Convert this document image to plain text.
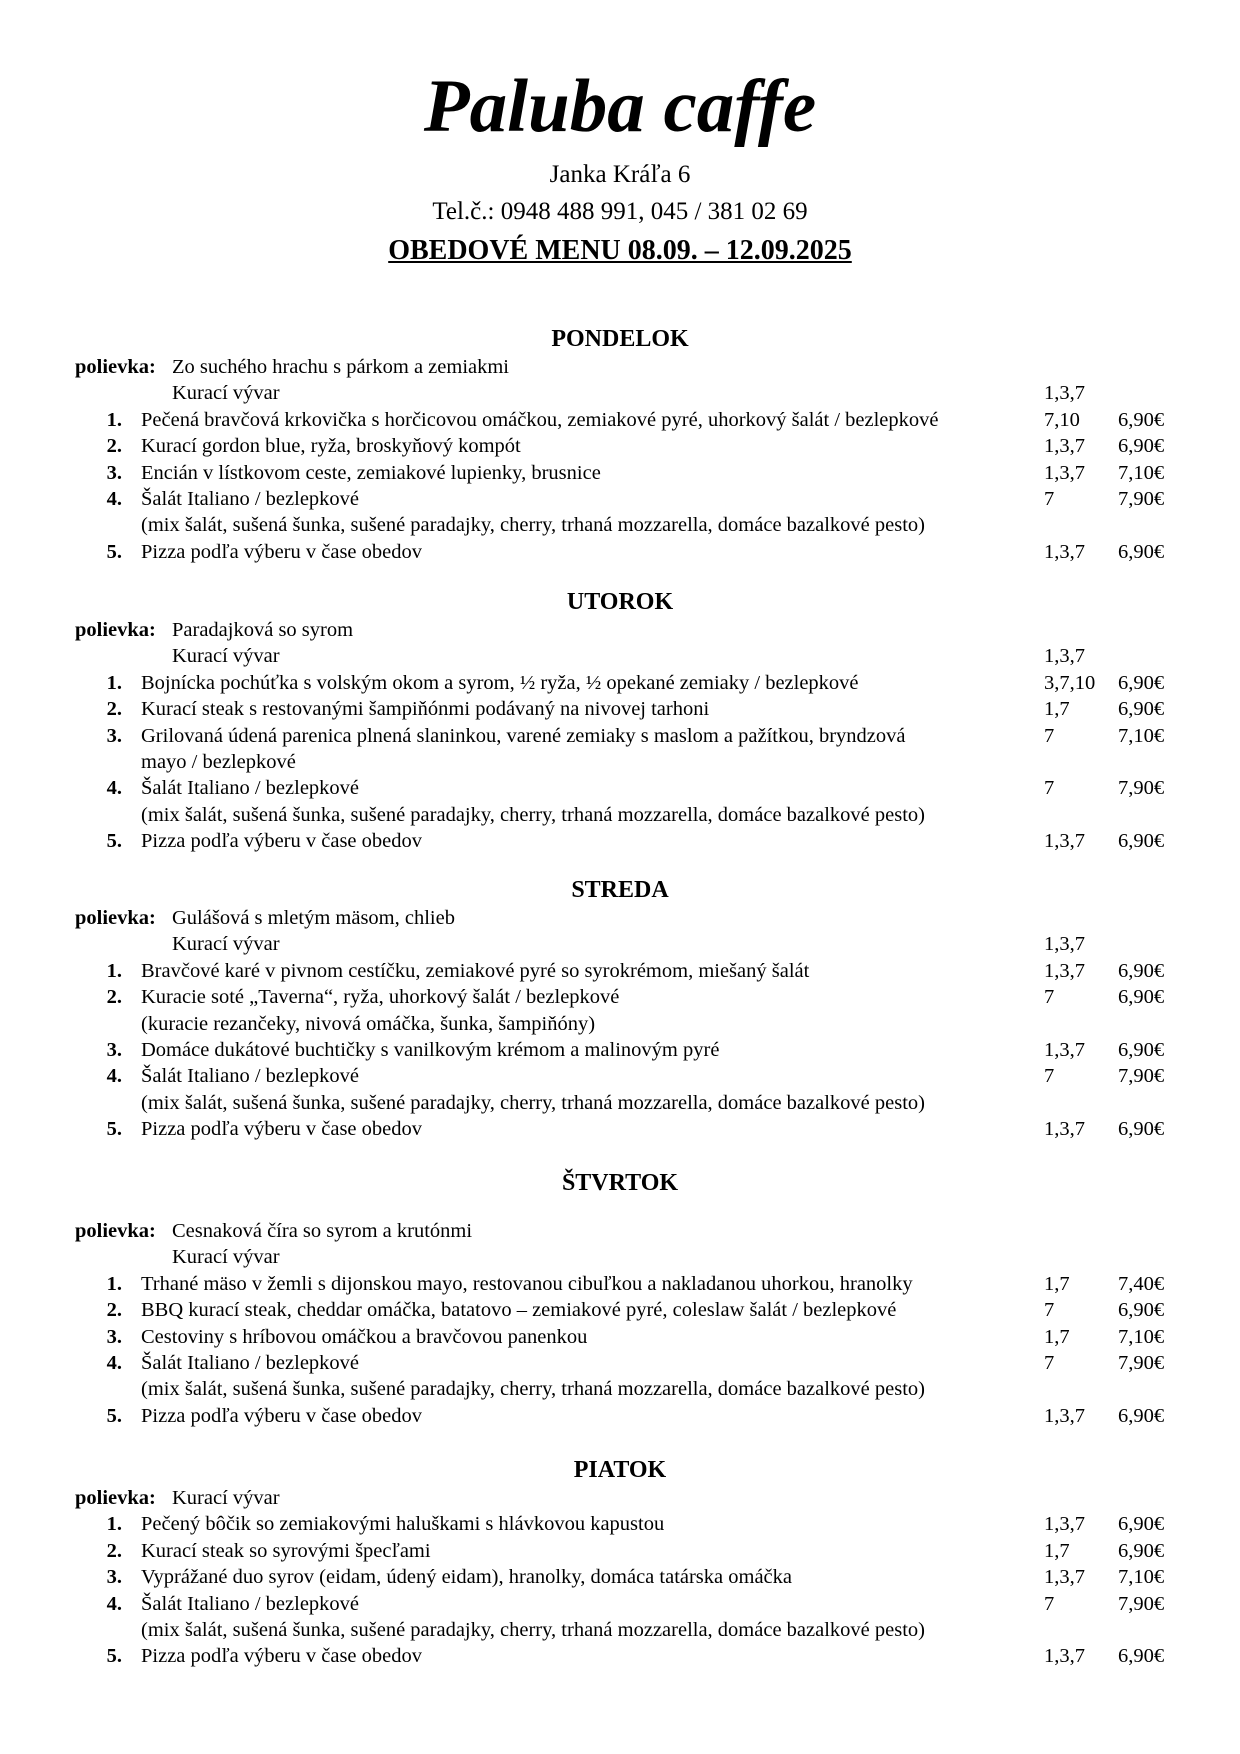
Paluba caffe
Janka Kráľa 6
Tel.č.: 0948 488 991, 045 / 381 02 69
OBEDOVÉ MENU 08.09. – 12.09.2025
PONDELOK
polievka: Zo suchého hrachu s párkom a zemiakmi
Kurací vývar	1,3,7
1. Pečená bravčová krkovička s horčicovou omáčkou, zemiakové pyré, uhorkový šalát / bezlepkové	7,10 6,90€
2. Kurací gordon blue, ryža, broskyňový kompót	1,3,7 6,90€
3. Encián v lístkovom ceste, zemiakové lupienky, brusnice	1,3,7 7,10€
4. Šalát Italiano / bezlepkové	7	7,90€
(mix šalát, sušená šunka, sušené paradajky, cherry, trhaná mozzarella, domáce bazalkové pesto)
5. Pizza podľa výberu v čase obedov	1,3,7 6,90€
UTOROK
polievka: Paradajková so syrom
Kurací vývar	1,3,7
1. Bojnícka pochúťka s volským okom a syrom, ½ ryža, ½ opekané zemiaky / bezlepkové	3,7,10 6,90€
2. Kurací steak s restovanými šampiňónmi podávaný na nivovej tarhoni	1,7 6,90€
3. Grilovaná údená parenica plnená slaninkou, varené zemiaky s maslom a pažítkou, bryndzová	7	7,10€
mayo / bezlepkové
4. Šalát Italiano / bezlepkové	7	7,90€
(mix šalát, sušená šunka, sušené paradajky, cherry, trhaná mozzarella, domáce bazalkové pesto)
5. Pizza podľa výberu v čase obedov	1,3,7 6,90€
STREDA
polievka: Gulášová s mletým mäsom, chlieb
Kurací vývar	1,3,7
1. Bravčové karé v pivnom cestíčku, zemiakové pyré so syrokrémom, miešaný šalát	1,3,7 6,90€
2. Kuracie soté „Taverna“, ryža, uhorkový šalát / bezlepkové	7	6,90€
(kuracie rezančeky, nivová omáčka, šunka, šampiňóny)
3. Domáce dukátové buchtičky s vanilkovým krémom a malinovým pyré	1,3,7 6,90€
4. Šalát Italiano / bezlepkové	7	7,90€
(mix šalát, sušená šunka, sušené paradajky, cherry, trhaná mozzarella, domáce bazalkové pesto)
5. Pizza podľa výberu v čase obedov	1,3,7 6,90€
ŠTVRTOK
polievka: Cesnaková číra so syrom a krutónmi
Kurací vývar
1. Trhané mäso v žemli s dijonskou mayo, restovanou cibuľkou a nakladanou uhorkou, hranolky	1,7 7,40€
2. BBQ kurací steak, cheddar omáčka, batatovo – zemiakové pyré, coleslaw šalát / bezlepkové	7	6,90€
3. Cestoviny s hríbovou omáčkou a bravčovou panenkou	1,7 7,10€
4. Šalát Italiano / bezlepkové	7	7,90€
(mix šalát, sušená šunka, sušené paradajky, cherry, trhaná mozzarella, domáce bazalkové pesto)
5. Pizza podľa výberu v čase obedov	1,3,7 6,90€
PIATOK
polievka: Kurací vývar
1. Pečený bôčik so zemiakovými haluškami s hlávkovou kapustou	1,3,7 6,90€
2. Kurací steak so syrovými špecľami	1,7 6,90€
3. Vyprážané duo syrov (eidam, údený eidam), hranolky, domáca tatárska omáčka	1,3,7 7,10€
4. Šalát Italiano / bezlepkové	7	7,90€
(mix šalát, sušená šunka, sušené paradajky, cherry, trhaná mozzarella, domáce bazalkové pesto)
5. Pizza podľa výberu v čase obedov	1,3,7 6,90€
